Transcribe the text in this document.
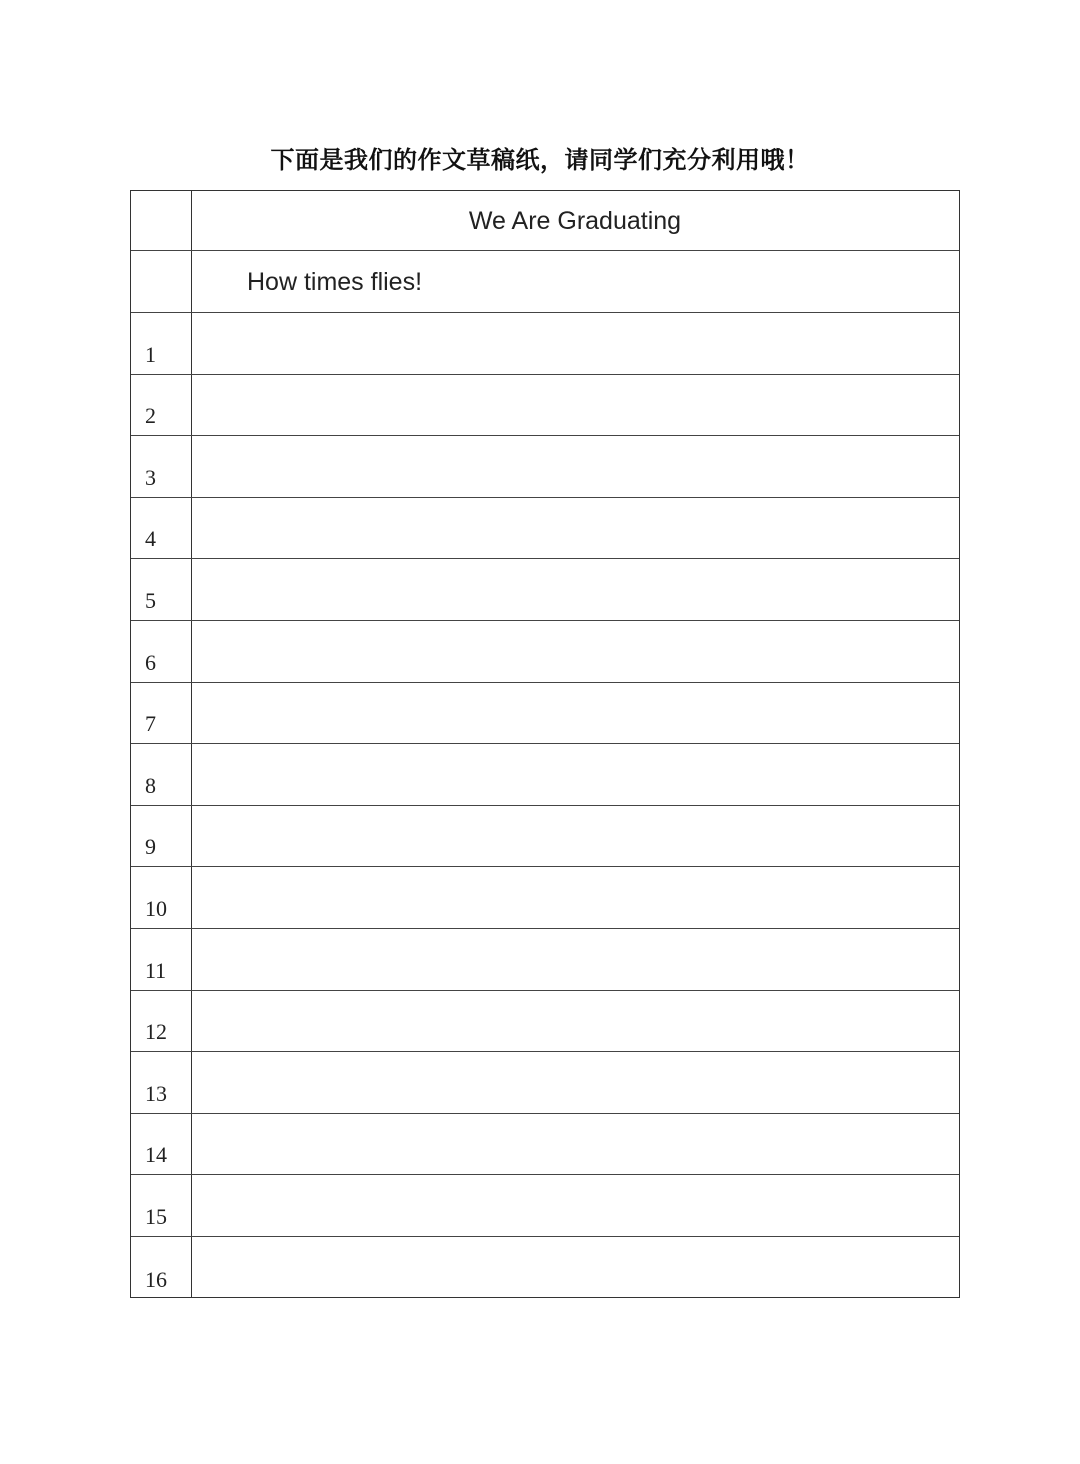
下面是我们的作文草稿纸，请同学们充分利用哦！
We Are Graduating
How times flies!
1
2
3
4
5
6
7
8
9
10
11
12
13
14
15
16
